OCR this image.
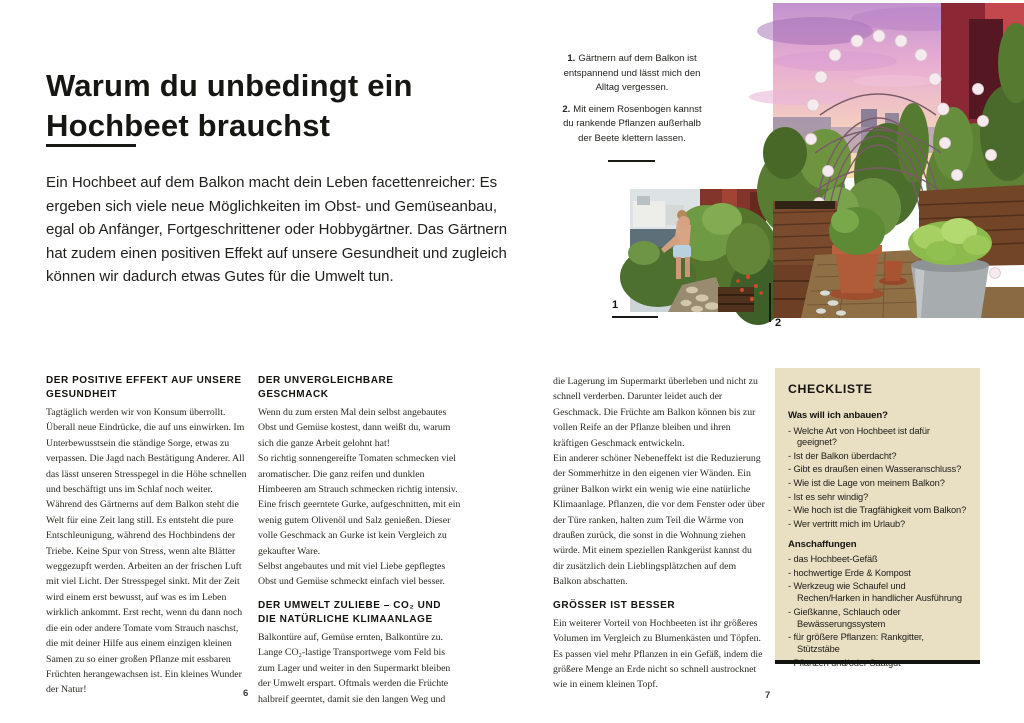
Warum du unbedingt ein Hochbeet brauchst

Ein Hochbeet auf dem Balkon macht dein Leben facettenreicher: Es ergeben sich viele neue Möglichkeiten im Obst- und Gemüseanbau, egal ob Anfänger, Fortgeschrittener oder Hobbygärtner. Das Gärtnern hat zudem einen positiven Effekt auf unsere Gesundheit und zugleich können wir dadurch etwas Gutes für die Umwelt tun.

DER POSITIVE EFFEKT AUF UNSERE GESUNDHEIT

Tagtäglich werden wir von Konsum überrollt. Überall neue Eindrücke, die auf uns einwirken. Im Unterbewusstsein die ständige Sorge, etwas zu verpassen. Die Jagd nach Bestätigung Anderer. All das lässt unseren Stresspegel in die Höhe schnellen und beschäftigt uns im Schlaf noch weiter.

Während des Gärtnerns auf dem Balkon steht die Welt für eine Zeit lang still. Es entsteht die pure Entschleunigung, während des Hochbindens der Triebe. Keine Spur von Stress, wenn alte Blätter weggezupft werden. Arbeiten an der frischen Luft mit viel Licht. Der Stresspegel sinkt. Mit der Zeit wird einem erst bewusst, auf was es im Leben wirklich ankommt. Erst recht, wenn du dann noch die ein oder andere Tomate vom Strauch naschst, die mit deiner Hilfe aus einem einzigen kleinen Samen zu so einer großen Pflanze mit essbaren Früchten herangewachsen ist. Ein kleines Wunder der Natur!

DER UNVERGLEICHBARE GESCHMACK

Wenn du zum ersten Mal dein selbst angebautes Obst und Gemüse kostest, dann weißt du, warum sich die ganze Arbeit gelohnt hat!

So richtig sonnengereifte Tomaten schmecken viel aromatischer. Die ganz reifen und dunklen Himbeeren am Strauch schmecken richtig intensiv. Eine frisch geerntete Gurke, aufgeschnitten, mit ein wenig gutem Olivenöl und Salz genießen. Dieser volle Geschmack an Gurke ist kein Vergleich zu gekaufter Ware.

Selbst angebautes und mit viel Liebe gepflegtes Obst und Gemüse schmeckt einfach viel besser.

DER UMWELT ZULIEBE – CO₂ UND
DIE NATÜRLICHE KLIMAANLAGE

Balkontüre auf, Gemüse ernten, Balkontüre zu. Lange CO₂-lastige Transportwege vom Feld bis zum Lager und weiter in den Supermarkt bleiben der Umwelt erspart. Oftmals werden die Früchte halbreif geerntet, damit sie den langen Weg und

6

1. Gärtnern auf dem Balkon ist entspannend und lässt mich den Alltag vergessen.

2. Mit einem Rosenbogen kannst du rankende Pflanzen außerhalb der Beete klettern lassen.

1
2

die Lagerung im Supermarkt überleben und nicht zu schnell verderben. Darunter leidet auch der Geschmack. Die Früchte am Balkon können bis zur vollen Reife an der Pflanze bleiben und ihren kräftigen Geschmack entwickeln.

Ein anderer schöner Nebeneffekt ist die Reduzierung der Sommerhitze in den eigenen vier Wänden. Ein grüner Balkon wirkt ein wenig wie eine natürliche Klimaanlage. Pflanzen, die vor dem Fenster oder über der Türe ranken, halten zum Teil die Wärme von draußen zurück, die sonst in die Wohnung ziehen würde. Mit einem speziellen Rankgerüst kannst du dir zusätzlich dein Lieblingsplätzchen auf dem Balkon abschatten.

GRÖSSER IST BESSER

Ein weiterer Vorteil von Hochbeeten ist ihr größeres Volumen im Vergleich zu Blumenkästen und Töpfen. Es passen viel mehr Pflanzen in ein Gefäß, indem die größere Menge an Erde nicht so schnell austrocknet wie in einem kleinen Topf.

CHECKLISTE
Was will ich anbauen?
- Welche Art von Hochbeet ist dafür geeignet?
- Ist der Balkon überdacht?
- Gibt es draußen einen Wasseranschluss?
- Wie ist die Lage von meinem Balkon?
- Ist es sehr windig?
- Wie hoch ist die Tragfähigkeit vom Balkon?
- Wer vertritt mich im Urlaub?
Anschaffungen
- das Hochbeet-Gefäß
- hochwertige Erde & Kompost
- Werkzeug wie Schaufel und Rechen/Harken in handlicher Ausführung
- Gießkanne, Schlauch oder Bewässerungssystem
- für größere Pflanzen: Rankgitter, Stützstäbe
- Pflanzen und/oder Saatgut
7
